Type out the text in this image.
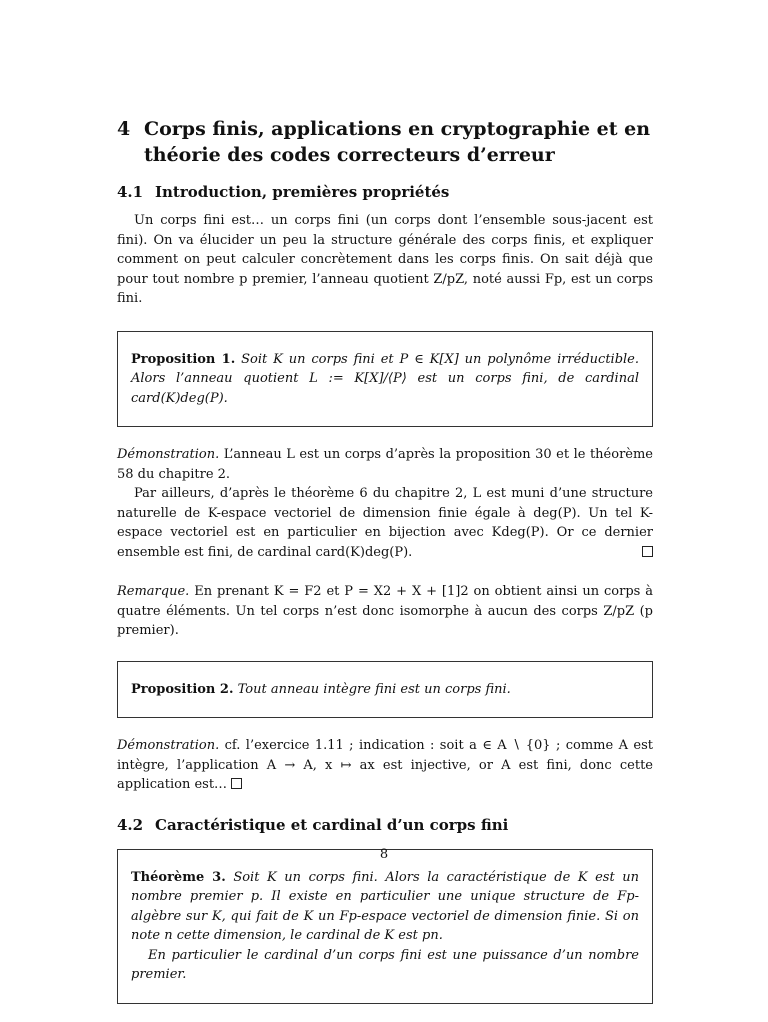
4 Corps finis, applications en cryptographie et en théorie des codes correcteurs d’erreur
4.1 Introduction, premières propriétés

Un corps fini est… un corps fini (un corps dont l’ensemble sous-jacent est fini). On va élucider un peu la structure générale des corps finis, et expliquer comment on peut calculer concrètement dans les corps finis. On sait déjà que pour tout nombre p premier, l’anneau quotient Z/pZ, noté aussi Fp, est un corps fini.

Proposition 1. Soit K un corps fini et P ∈ K[X] un polynôme irréductible. Alors l’anneau quotient L := K[X]/⟨P⟩ est un corps fini, de cardinal card(K)deg(P).

Démonstration. L’anneau L est un corps d’après la proposition 30 et le théorème 58 du chapitre 2.

Par ailleurs, d’après le théorème 6 du chapitre 2, L est muni d’une structure naturelle de K-espace vectoriel de dimension finie égale à deg(P). Un tel K-espace vectoriel est en particulier en bijection avec Kdeg(P). Or ce dernier ensemble est fini, de cardinal card(K)deg(P).

Remarque. En prenant K = F2 et P = X2 + X + [1]2 on obtient ainsi un corps à quatre éléments. Un tel corps n’est donc isomorphe à aucun des corps Z/pZ (p premier).

Proposition 2. Tout anneau intègre fini est un corps fini.

Démonstration. cf. l’exercice 1.11 ; indication : soit a ∈ A ∖ {0} ; comme A est intègre, l’application A → A, x ↦ ax est injective, or A est fini, donc cette application est…

4.2 Caractéristique et cardinal d’un corps fini

Théorème 3. Soit K un corps fini. Alors la caractéristique de K est un nombre premier p. Il existe en particulier une unique structure de Fp-algèbre sur K, qui fait de K un Fp-espace vectoriel de dimension finie. Si on note n cette dimension, le cardinal de K est pn.

En particulier le cardinal d’un corps fini est une puissance d’un nombre premier.

8
